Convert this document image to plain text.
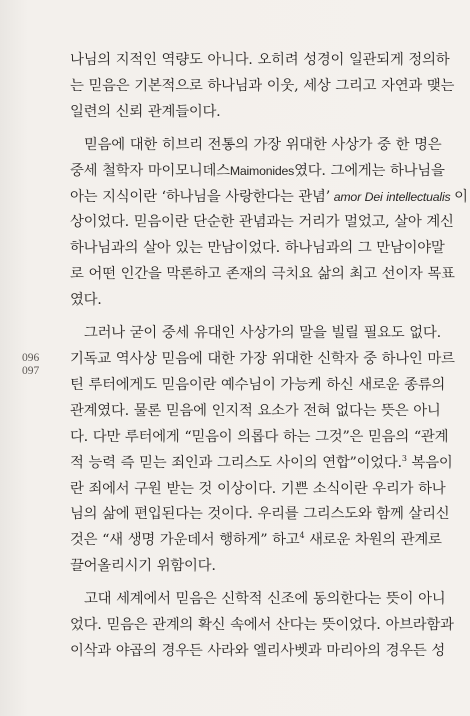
096
097

나님의 지적인 역량도 아니다. 오히려 성경이 일관되게 정의하
는 믿음은 기본적으로 하나님과 이웃, 세상 그리고 자연과 맺는
일련의 신뢰 관계들이다.

믿음에 대한 히브리 전통의 가장 위대한 사상가 중 한 명은
중세 철학자 마이모니데스Maimonides였다. 그에게는 하나님을
아는 지식이란 ‘하나님을 사랑한다는 관념’ amor Dei intellectualis 이
상이었다. 믿음이란 단순한 관념과는 거리가 멀었고, 살아 계신
하나님과의 살아 있는 만남이었다. 하나님과의 그 만남이야말
로 어떤 인간을 막론하고 존재의 극치요 삶의 최고 선이자 목표
였다.

그러나 굳이 중세 유대인 사상가의 말을 빌릴 필요도 없다.
기독교 역사상 믿음에 대한 가장 위대한 신학자 중 하나인 마르
틴 루터에게도 믿음이란 예수님이 가능케 하신 새로운 종류의
관계였다. 물론 믿음에 인지적 요소가 전혀 없다는 뜻은 아니
다. 다만 루터에게 “믿음이 의롭다 하는 그것”은 믿음의 “관계
적 능력 즉 믿는 죄인과 그리스도 사이의 연합”이었다.$^3$ 복음이
란 죄에서 구원 받는 것 이상이다. 기쁜 소식이란 우리가 하나
님의 삶에 편입된다는 것이다. 우리를 그리스도와 함께 살리신
것은 “새 생명 가운데서 행하게” 하고$^4$ 새로운 차원의 관계로
끌어올리시기 위함이다.

고대 세계에서 믿음은 신학적 신조에 동의한다는 뜻이 아니
었다. 믿음은 관계의 확신 속에서 산다는 뜻이었다. 아브라함과
이삭과 야곱의 경우든 사라와 엘리사벳과 마리아의 경우든 성
